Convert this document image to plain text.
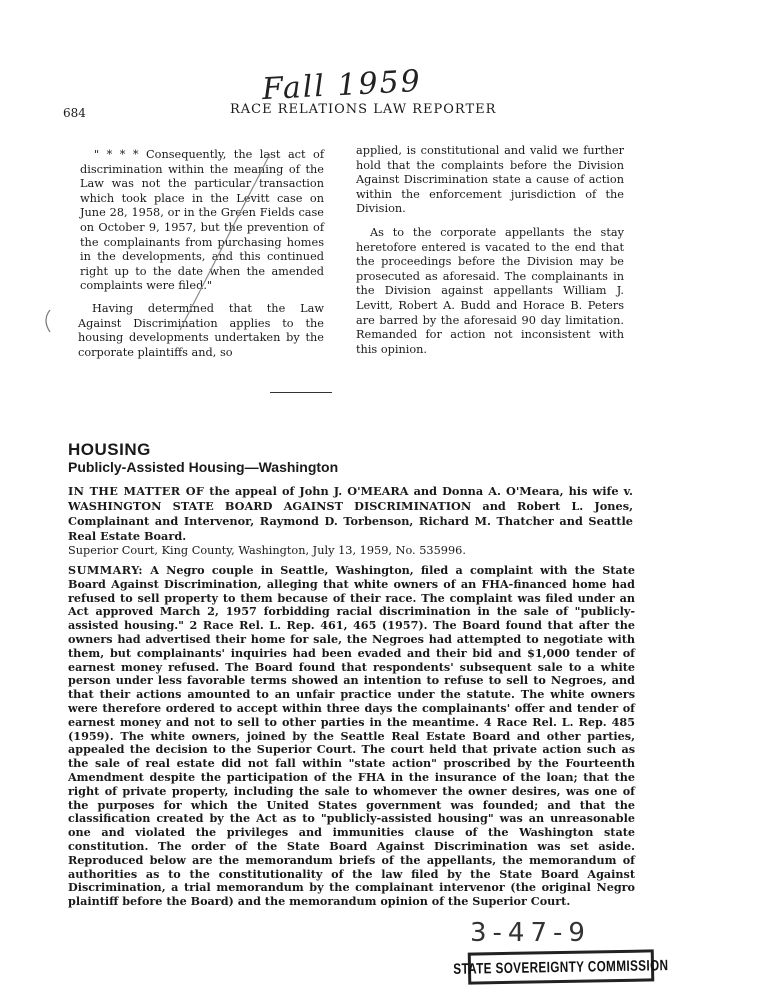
Fall 1959
684	RACE RELATIONS LAW REPORTER

" * * * Consequently, the last act of discrimination within the meaning of the Law was not the particular transaction which took place in the Levitt case on June 28, 1958, or in the Green Fields case on October 9, 1957, but the prevention of the complainants from purchasing homes in the developments, and this continued right up to the date when the amended complaints were filed."

Having determined that the Law Against Discrimination applies to the housing developments undertaken by the corporate plaintiffs and, so

applied, is constitutional and valid we further hold that the complaints before the Division Against Discrimination state a cause of action within the enforcement jurisdiction of the Division.

As to the corporate appellants the stay heretofore entered is vacated to the end that the proceedings before the Division may be prosecuted as aforesaid. The complainants in the Division against appellants William J. Levitt, Robert A. Budd and Horace B. Peters are barred by the aforesaid 90 day limitation. Remanded for action not inconsistent with this opinion.

HOUSING
Publicly-Assisted Housing—Washington
IN THE MATTER OF the appeal of John J. O'MEARA and Donna A. O'Meara, his wife v. WASHINGTON STATE BOARD AGAINST DISCRIMINATION and Robert L. Jones, Complainant and Intervenor, Raymond D. Torbenson, Richard M. Thatcher and Seattle Real Estate Board.
Superior Court, King County, Washington, July 13, 1959, No. 535996.
SUMMARY: A Negro couple in Seattle, Washington, filed a complaint with the State Board Against Discrimination, alleging that white owners of an FHA-financed home had refused to sell property to them because of their race. The complaint was filed under an Act approved March 2, 1957 forbidding racial discrimination in the sale of "publicly-assisted housing." 2 Race Rel. L. Rep. 461, 465 (1957). The Board found that after the owners had advertised their home for sale, the Negroes had attempted to negotiate with them, but complainants' inquiries had been evaded and their bid and $1,000 tender of earnest money refused. The Board found that respondents' subsequent sale to a white person under less favorable terms showed an intention to refuse to sell to Negroes, and that their actions amounted to an unfair practice under the statute. The white owners were therefore ordered to accept within three days the complainants' offer and tender of earnest money and not to sell to other parties in the meantime. 4 Race Rel. L. Rep. 485 (1959). The white owners, joined by the Seattle Real Estate Board and other parties, appealed the decision to the Superior Court. The court held that private action such as the sale of real estate did not fall within "state action" proscribed by the Fourteenth Amendment despite the participation of the FHA in the insurance of the loan; that the right of private property, including the sale to whomever the owner desires, was one of the purposes for which the United States government was founded; and that the classification created by the Act as to "publicly-assisted housing" was an unreasonable one and violated the privileges and immunities clause of the Washington state constitution. The order of the State Board Against Discrimination was set aside. Reproduced below are the memorandum briefs of the appellants, the memorandum of authorities as to the constitutionality of the law filed by the State Board Against Discrimination, a trial memorandum by the complainant intervenor (the original Negro plaintiff before the Board) and the memorandum opinion of the Superior Court.
3-47-9
STATE SOVEREIGNTY COMMISSION
